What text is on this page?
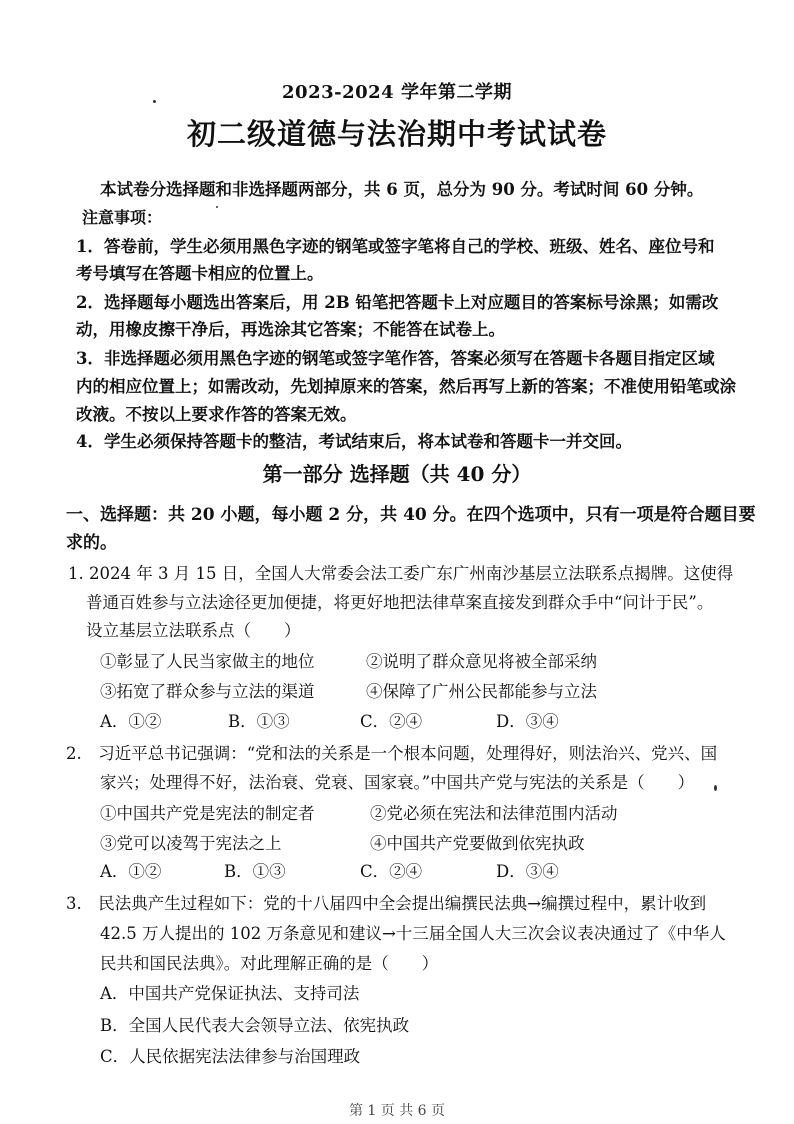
2023-2024 学年第二学期
初二级道德与法治期中考试试卷
本试卷分选择题和非选择题两部分，共 6 页，总分为 90 分。考试时间 60 分钟。
注意事项：
1．答卷前，学生必须用黑色字迹的钢笔或签字笔将自己的学校、班级、姓名、座位号和
考号填写在答题卡相应的位置上。
2．选择题每小题选出答案后，用 2B 铅笔把答题卡上对应题目的答案标号涂黑；如需改
动，用橡皮擦干净后，再选涂其它答案；不能答在试卷上。
3．非选择题必须用黑色字迹的钢笔或签字笔作答，答案必须写在答题卡各题目指定区域
内的相应位置上；如需改动，先划掉原来的答案，然后再写上新的答案；不准使用铅笔或涂
改液。不按以上要求作答的答案无效。
4．学生必须保持答题卡的整洁，考试结束后，将本试卷和答题卡一并交回。
第一部分 选择题（共 40 分）
一、选择题：共 20 小题，每小题 2 分，共 40 分。在四个选项中，只有一项是符合题目要
求的。
1. 2024 年 3 月 15 日，全国人大常委会法工委广东广州南沙基层立法联系点揭牌。这使得
普通百姓参与立法途径更加便捷，将更好地把法律草案直接发到群众手中“问计于民”。
设立基层立法联系点（　　）
①彰显了人民当家做主的地位	②说明了群众意见将被全部采纳
③拓宽了群众参与立法的渠道	④保障了广州公民都能参与立法
A．①②	B．①③	C．②④	D．③④
2.　习近平总书记强调：“党和法的关系是一个根本问题，处理得好，则法治兴、党兴、国
家兴；处理得不好，法治衰、党衰、国家衰。”中国共产党与宪法的关系是（　　）
①中国共产党是宪法的制定者	②党必须在宪法和法律范围内活动
③党可以凌驾于宪法之上	④中国共产党要做到依宪执政
A．①②	B．①③	C．②④	D．③④
3.　民法典产生过程如下：党的十八届四中全会提出编撰民法典→编撰过程中，累计收到
42.5 万人提出的 102 万条意见和建议→十三届全国人大三次会议表决通过了《中华人
民共和国民法典》。对此理解正确的是（　　）
A．中国共产党保证执法、支持司法
B．全国人民代表大会领导立法、依宪执政
C．人民依据宪法法律参与治国理政
第 1 页 共 6 页
